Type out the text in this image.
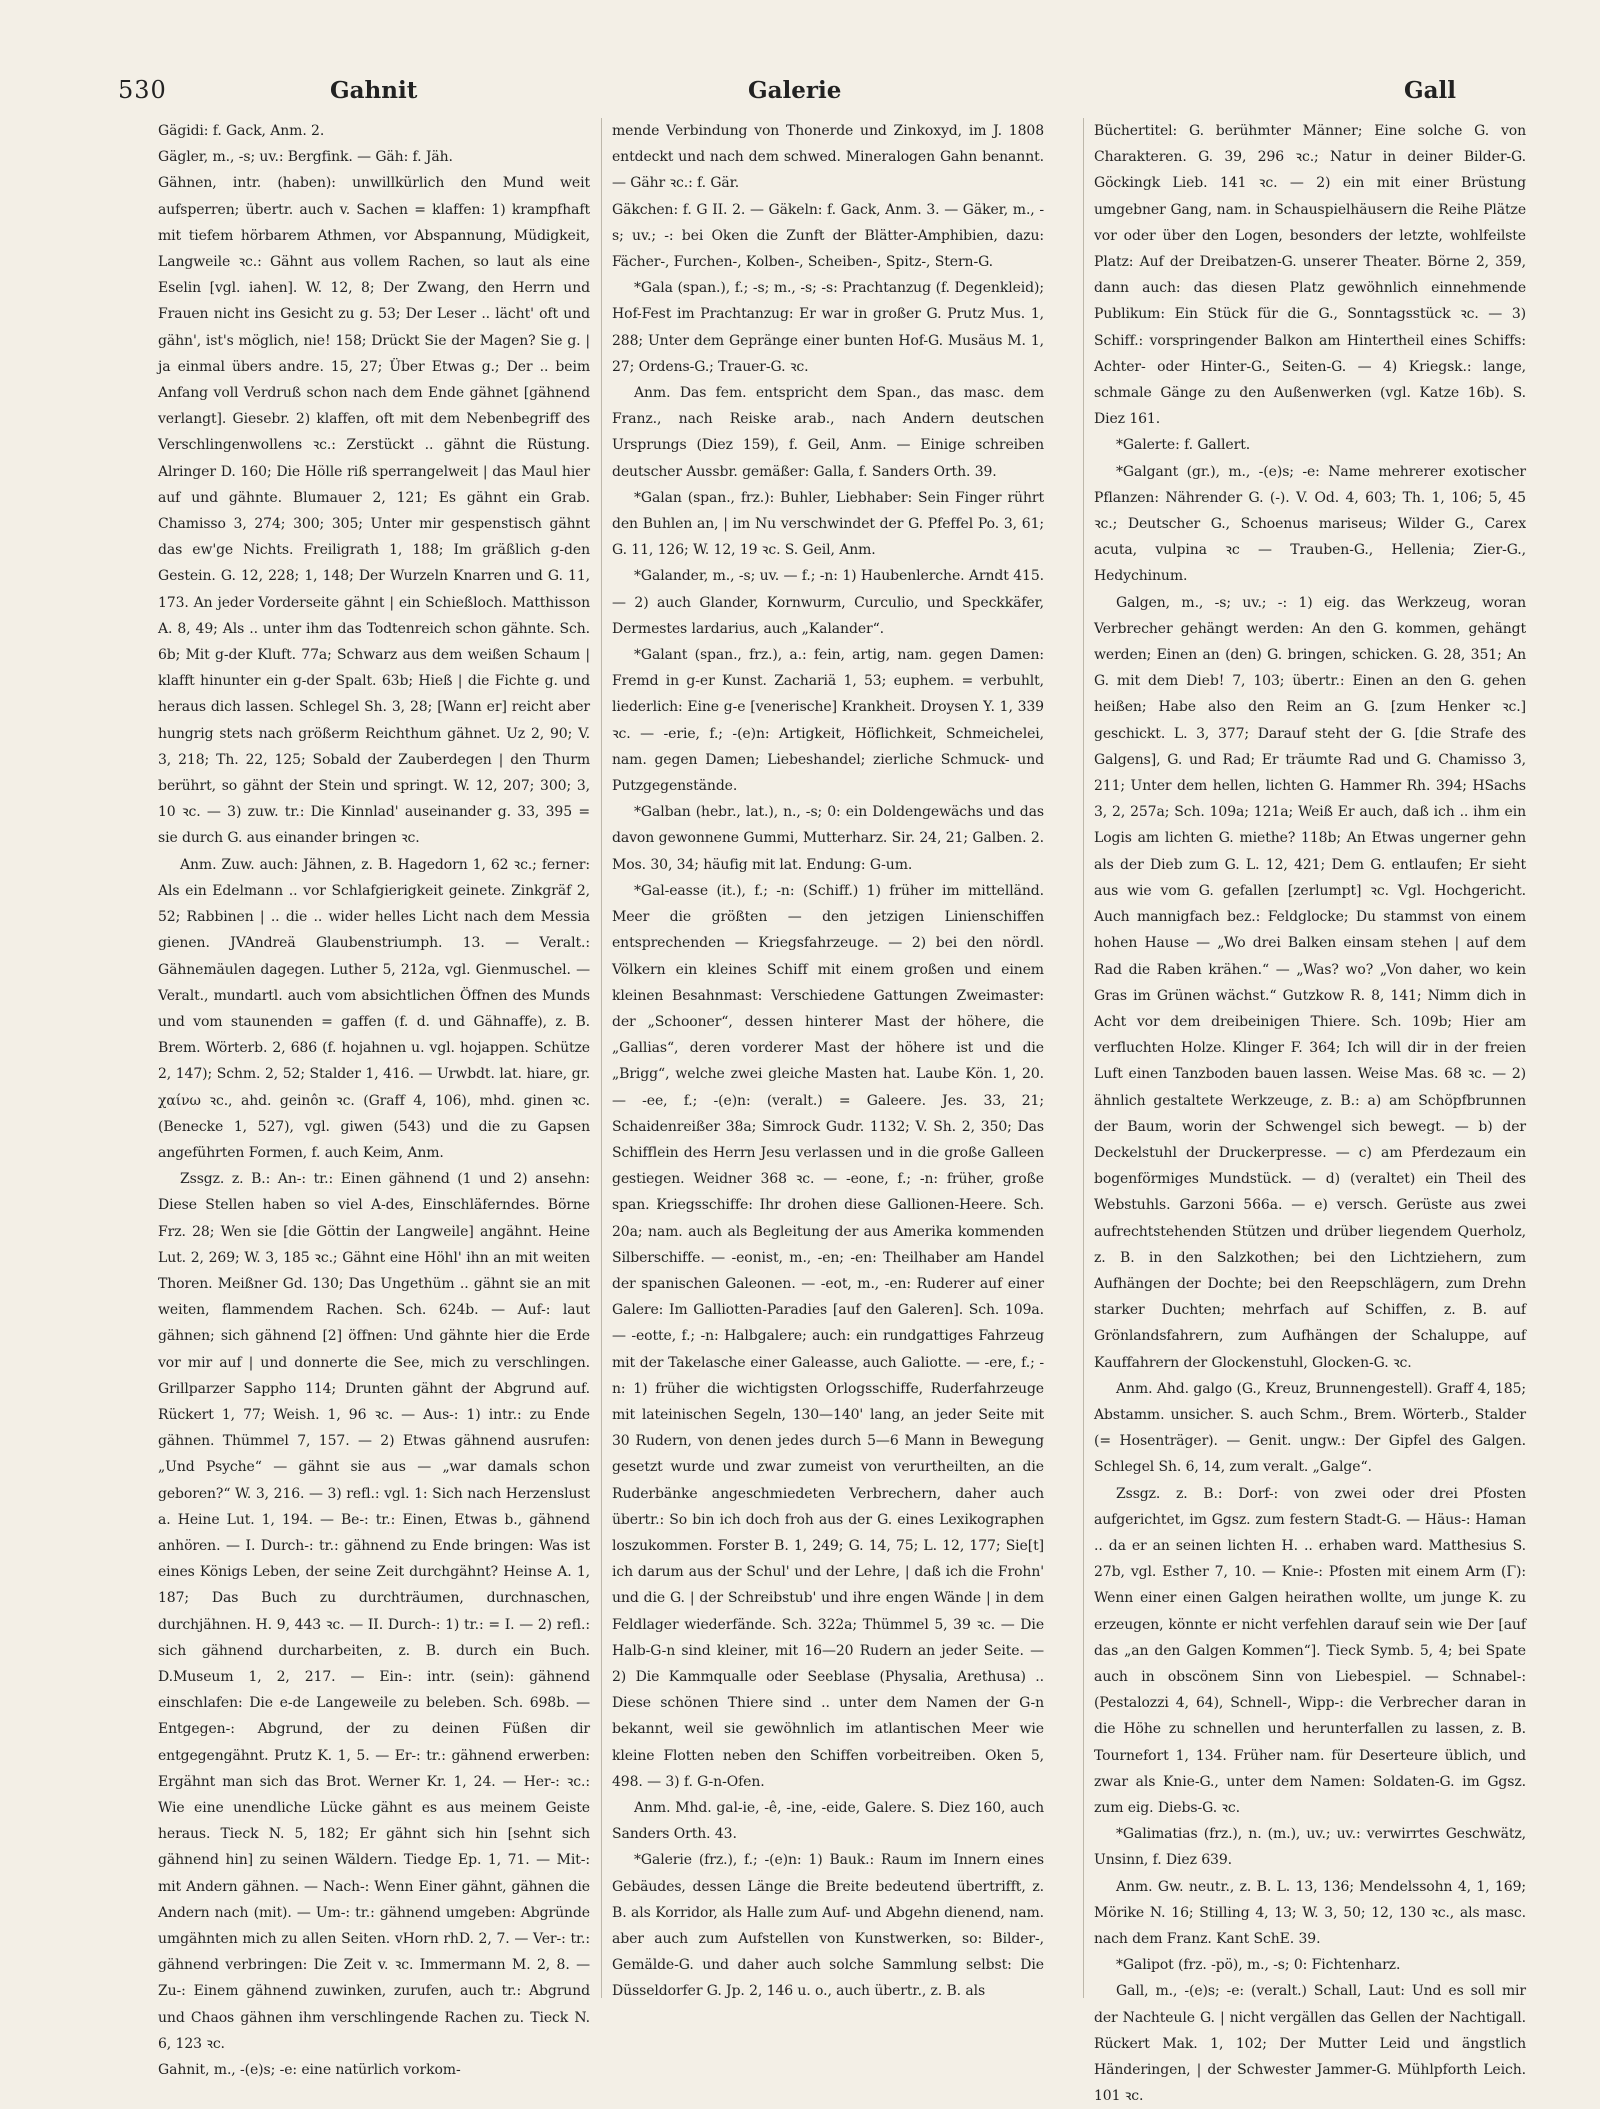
530	Gahnit	Galerie	Gall

Gägidi: f. Gack, Anm. 2.

Gägler, m., -s; uv.: Bergfink. — Gäh: f. Jäh.

Gähnen, intr. (haben): unwillkürlich den Mund weit aufsperren; übertr. auch v. Sachen = klaffen: 1) krampfhaft mit tiefem hörbarem Athmen, vor Abspannung, Müdigkeit, Langweile ꝛc.: Gähnt aus vollem Rachen, so laut als eine Eselin [vgl. iahen]. W. 12, 8; Der Zwang, den Herrn und Frauen nicht ins Gesicht zu g. 53; Der Leser .. lächt' oft und gähn', ist's möglich, nie! 158; Drückt Sie der Magen? Sie g. | ja einmal übers andre. 15, 27; Über Etwas g.; Der .. beim Anfang voll Verdruß schon nach dem Ende gähnet [gähnend verlangt]. Giesebr. 2) klaffen, oft mit dem Nebenbegriff des Verschlingenwollens ꝛc.: Zerstückt .. gähnt die Rüstung. Alringer D. 160; Die Hölle riß sperrangelweit | das Maul hier auf und gähnte. Blumauer 2, 121; Es gähnt ein Grab. Chamisso 3, 274; 300; 305; Unter mir gespenstisch gähnt das ew'ge Nichts. Freiligrath 1, 188; Im gräßlich g-den Gestein. G. 12, 228; 1, 148; Der Wurzeln Knarren und G. 11, 173. An jeder Vorderseite gähnt | ein Schießloch. Matthisson A. 8, 49; Als .. unter ihm das Todtenreich schon gähnte. Sch. 6b; Mit g-der Kluft. 77a; Schwarz aus dem weißen Schaum | klafft hinunter ein g-der Spalt. 63b; Hieß | die Fichte g. und heraus dich lassen. Schlegel Sh. 3, 28; [Wann er] reicht aber hungrig stets nach größerm Reichthum gähnet. Uz 2, 90; V. 3, 218; Th. 22, 125; Sobald der Zauberdegen | den Thurm berührt, so gähnt der Stein und springt. W. 12, 207; 300; 3, 10 ꝛc. — 3) zuw. tr.: Die Kinnlad' auseinander g. 33, 395 = sie durch G. aus einander bringen ꝛc.

Anm. Zuw. auch: Jähnen, z. B. Hagedorn 1, 62 ꝛc.; ferner: Als ein Edelmann .. vor Schlafgierigkeit geinete. Zinkgräf 2, 52; Rabbinen | .. die .. wider helles Licht nach dem Messia gienen. JVAndreä Glaubenstriumph. 13. — Veralt.: Gähnemäulen dagegen. Luther 5, 212a, vgl. Gienmuschel. — Veralt., mundartl. auch vom absichtlichen Öffnen des Munds und vom staunenden = gaffen (f. d. und Gähnaffe), z. B. Brem. Wörterb. 2, 686 (f. hojahnen u. vgl. hojappen. Schütze 2, 147); Schm. 2, 52; Stalder 1, 416. — Urwbdt. lat. hiare, gr. χαίνω ꝛc., ahd. geinôn ꝛc. (Graff 4, 106), mhd. ginen ꝛc. (Benecke 1, 527), vgl. giwen (543) und die zu Gapsen angeführten Formen, f. auch Keim, Anm.

Zssgz. z. B.: An-: tr.: Einen gähnend (1 und 2) ansehn: Diese Stellen haben so viel A-des, Einschläferndes. Börne Frz. 28; Wen sie [die Göttin der Langweile] angähnt. Heine Lut. 2, 269; W. 3, 185 ꝛc.; Gähnt eine Höhl' ihn an mit weiten Thoren. Meißner Gd. 130; Das Ungethüm .. gähnt sie an mit weiten, flammendem Rachen. Sch. 624b. — Auf-: laut gähnen; sich gähnend [2] öffnen: Und gähnte hier die Erde vor mir auf | und donnerte die See, mich zu verschlingen. Grillparzer Sappho 114; Drunten gähnt der Abgrund auf. Rückert 1, 77; Weish. 1, 96 ꝛc. — Aus-: 1) intr.: zu Ende gähnen. Thümmel 7, 157. — 2) Etwas gähnend ausrufen: „Und Psyche“ — gähnt sie aus — „war damals schon geboren?“ W. 3, 216. — 3) refl.: vgl. 1: Sich nach Herzenslust a. Heine Lut. 1, 194. — Be-: tr.: Einen, Etwas b., gähnend anhören. — I. Durch-: tr.: gähnend zu Ende bringen: Was ist eines Königs Leben, der seine Zeit durchgähnt? Heinse A. 1, 187; Das Buch zu durchträumen, durchnaschen, durchjähnen. H. 9, 443 ꝛc. — II. Durch-: 1) tr.: = I. — 2) refl.: sich gähnend durcharbeiten, z. B. durch ein Buch. D.Museum 1, 2, 217. — Ein-: intr. (sein): gähnend einschlafen: Die e-de Langeweile zu beleben. Sch. 698b. — Entgegen-: Abgrund, der zu deinen Füßen dir entgegengähnt. Prutz K. 1, 5. — Er-: tr.: gähnend erwerben: Ergähnt man sich das Brot. Werner Kr. 1, 24. — Her-: ꝛc.: Wie eine unendliche Lücke gähnt es aus meinem Geiste heraus. Tieck N. 5, 182; Er gähnt sich hin [sehnt sich gähnend hin] zu seinen Wäldern. Tiedge Ep. 1, 71. — Mit-: mit Andern gähnen. — Nach-: Wenn Einer gähnt, gähnen die Andern nach (mit). — Um-: tr.: gähnend umgeben: Abgründe umgähnten mich zu allen Seiten. vHorn rhD. 2, 7. — Ver-: tr.: gähnend verbringen: Die Zeit v. ꝛc. Immermann M. 2, 8. — Zu-: Einem gähnend zuwinken, zurufen, auch tr.: Abgrund und Chaos gähnen ihm verschlingende Rachen zu. Tieck N. 6, 123 ꝛc.

Gahnit, m., -(e)s; -e: eine natürlich vorkom-

mende Verbindung von Thonerde und Zinkoxyd, im J. 1808 entdeckt und nach dem schwed. Mineralogen Gahn benannt. — Gähr ꝛc.: f. Gär.

Gäkchen: f. G II. 2. — Gäkeln: f. Gack, Anm. 3. — Gäker, m., -s; uv.; -: bei Oken die Zunft der Blätter-Amphibien, dazu: Fächer-, Furchen-, Kolben-, Scheiben-, Spitz-, Stern-G.

*Gala (span.), f.; -s; m., -s; -s: Prachtanzug (f. Degenkleid); Hof-Fest im Prachtanzug: Er war in großer G. Prutz Mus. 1, 288; Unter dem Gepränge einer bunten Hof-G. Musäus M. 1, 27; Ordens-G.; Trauer-G. ꝛc.

Anm. Das fem. entspricht dem Span., das masc. dem Franz., nach Reiske arab., nach Andern deutschen Ursprungs (Diez 159), f. Geil, Anm. — Einige schreiben deutscher Aussbr. gemäßer: Galla, f. Sanders Orth. 39.

*Galan (span., frz.): Buhler, Liebhaber: Sein Finger rührt den Buhlen an, | im Nu verschwindet der G. Pfeffel Po. 3, 61; G. 11, 126; W. 12, 19 ꝛc. S. Geil, Anm.

*Galander, m., -s; uv. — f.; -n: 1) Haubenlerche. Arndt 415. — 2) auch Glander, Kornwurm, Curculio, und Speckkäfer, Dermestes lardarius, auch „Kalander“.

*Galant (span., frz.), a.: fein, artig, nam. gegen Damen: Fremd in g-er Kunst. Zachariä 1, 53; euphem. = verbuhlt, liederlich: Eine g-e [venerische] Krankheit. Droysen Y. 1, 339 ꝛc. — -erie, f.; -(e)n: Artigkeit, Höflichkeit, Schmeichelei, nam. gegen Damen; Liebeshandel; zierliche Schmuck- und Putzgegenstände.

*Galban (hebr., lat.), n., -s; 0: ein Doldengewächs und das davon gewonnene Gummi, Mutterharz. Sir. 24, 21; Galben. 2. Mos. 30, 34; häufig mit lat. Endung: G-um.

*Gal-easse (it.), f.; -n: (Schiff.) 1) früher im mittelländ. Meer die größten — den jetzigen Linienschiffen entsprechenden — Kriegsfahrzeuge. — 2) bei den nördl. Völkern ein kleines Schiff mit einem großen und einem kleinen Besahnmast: Verschiedene Gattungen Zweimaster: der „Schooner“, dessen hinterer Mast der höhere, die „Gallias“, deren vorderer Mast der höhere ist und die „Brigg“, welche zwei gleiche Masten hat. Laube Kön. 1, 20. — -ee, f.; -(e)n: (veralt.) = Galeere. Jes. 33, 21; Schaidenreißer 38a; Simrock Gudr. 1132; V. Sh. 2, 350; Das Schifflein des Herrn Jesu verlassen und in die große Galleen gestiegen. Weidner 368 ꝛc. — -eone, f.; -n: früher, große span. Kriegsschiffe: Ihr drohen diese Gallionen-Heere. Sch. 20a; nam. auch als Begleitung der aus Amerika kommenden Silberschiffe. — -eonist, m., -en; -en: Theilhaber am Handel der spanischen Galeonen. — -eot, m., -en: Ruderer auf einer Galere: Im Galliotten-Paradies [auf den Galeren]. Sch. 109a. — -eotte, f.; -n: Halbgalere; auch: ein rundgattiges Fahrzeug mit der Takelasche einer Galeasse, auch Galiotte. — -ere, f.; -n: 1) früher die wichtigsten Orlogsschiffe, Ruderfahrzeuge mit lateinischen Segeln, 130—140' lang, an jeder Seite mit 30 Rudern, von denen jedes durch 5—6 Mann in Bewegung gesetzt wurde und zwar zumeist von verurtheilten, an die Ruderbänke angeschmiedeten Verbrechern, daher auch übertr.: So bin ich doch froh aus der G. eines Lexikographen loszukommen. Forster B. 1, 249; G. 14, 75; L. 12, 177; Sie[t] ich darum aus der Schul' und der Lehre, | daß ich die Frohn' und die G. | der Schreibstub' und ihre engen Wände | in dem Feldlager wiederfände. Sch. 322a; Thümmel 5, 39 ꝛc. — Die Halb-G-n sind kleiner, mit 16—20 Rudern an jeder Seite. — 2) Die Kammqualle oder Seeblase (Physalia, Arethusa) .. Diese schönen Thiere sind .. unter dem Namen der G-n bekannt, weil sie gewöhnlich im atlantischen Meer wie kleine Flotten neben den Schiffen vorbeitreiben. Oken 5, 498. — 3) f. G-n-Ofen.

Anm. Mhd. gal-ie, -ê, -ine, -eide, Galere. S. Diez 160, auch Sanders Orth. 43.

*Galerie (frz.), f.; -(e)n: 1) Bauk.: Raum im Innern eines Gebäudes, dessen Länge die Breite bedeutend übertrifft, z. B. als Korridor, als Halle zum Auf- und Abgehn dienend, nam. aber auch zum Aufstellen von Kunstwerken, so: Bilder-, Gemälde-G. und daher auch solche Sammlung selbst: Die Düsseldorfer G. Jp. 2, 146 u. o., auch übertr., z. B. als

Büchertitel: G. berühmter Männer; Eine solche G. von Charakteren. G. 39, 296 ꝛc.; Natur in deiner Bilder-G. Göckingk Lieb. 141 ꝛc. — 2) ein mit einer Brüstung umgebner Gang, nam. in Schauspielhäusern die Reihe Plätze vor oder über den Logen, besonders der letzte, wohlfeilste Platz: Auf der Dreibatzen-G. unserer Theater. Börne 2, 359, dann auch: das diesen Platz gewöhnlich einnehmende Publikum: Ein Stück für die G., Sonntagsstück ꝛc. — 3) Schiff.: vorspringender Balkon am Hintertheil eines Schiffs: Achter- oder Hinter-G., Seiten-G. — 4) Kriegsk.: lange, schmale Gänge zu den Außenwerken (vgl. Katze 16b). S. Diez 161.

*Galerte: f. Gallert.

*Galgant (gr.), m., -(e)s; -e: Name mehrerer exotischer Pflanzen: Nährender G. (-). V. Od. 4, 603; Th. 1, 106; 5, 45 ꝛc.; Deutscher G., Schoenus mariseus; Wilder G., Carex acuta, vulpina ꝛc — Trauben-G., Hellenia; Zier-G., Hedychinum.

Galgen, m., -s; uv.; -: 1) eig. das Werkzeug, woran Verbrecher gehängt werden: An den G. kommen, gehängt werden; Einen an (den) G. bringen, schicken. G. 28, 351; An G. mit dem Dieb! 7, 103; übertr.: Einen an den G. gehen heißen; Habe also den Reim an G. [zum Henker ꝛc.] geschickt. L. 3, 377; Darauf steht der G. [die Strafe des Galgens], G. und Rad; Er träumte Rad und G. Chamisso 3, 211; Unter dem hellen, lichten G. Hammer Rh. 394; HSachs 3, 2, 257a; Sch. 109a; 121a; Weiß Er auch, daß ich .. ihm ein Logis am lichten G. miethe? 118b; An Etwas ungerner gehn als der Dieb zum G. L. 12, 421; Dem G. entlaufen; Er sieht aus wie vom G. gefallen [zerlumpt] ꝛc. Vgl. Hochgericht. Auch mannigfach bez.: Feldglocke; Du stammst von einem hohen Hause — „Wo drei Balken einsam stehen | auf dem Rad die Raben krähen.“ — „Was? wo? „Von daher, wo kein Gras im Grünen wächst.“ Gutzkow R. 8, 141; Nimm dich in Acht vor dem dreibeinigen Thiere. Sch. 109b; Hier am verfluchten Holze. Klinger F. 364; Ich will dir in der freien Luft einen Tanzboden bauen lassen. Weise Mas. 68 ꝛc. — 2) ähnlich gestaltete Werkzeuge, z. B.: a) am Schöpfbrunnen der Baum, worin der Schwengel sich bewegt. — b) der Deckelstuhl der Druckerpresse. — c) am Pferdezaum ein bogenförmiges Mundstück. — d) (veraltet) ein Theil des Webstuhls. Garzoni 566a. — e) versch. Gerüste aus zwei aufrechtstehenden Stützen und drüber liegendem Querholz, z. B. in den Salzkothen; bei den Lichtziehern, zum Aufhängen der Dochte; bei den Reepschlägern, zum Drehn starker Duchten; mehrfach auf Schiffen, z. B. auf Grönlandsfahrern, zum Aufhängen der Schaluppe, auf Kauffahrern der Glockenstuhl, Glocken-G. ꝛc.

Anm. Ahd. galgo (G., Kreuz, Brunnengestell). Graff 4, 185; Abstamm. unsicher. S. auch Schm., Brem. Wörterb., Stalder (= Hosenträger). — Genit. ungw.: Der Gipfel des Galgen. Schlegel Sh. 6, 14, zum veralt. „Galge“.

Zssgz. z. B.: Dorf-: von zwei oder drei Pfosten aufgerichtet, im Ggsz. zum festern Stadt-G. — Häus-: Haman .. da er an seinen lichten H. .. erhaben ward. Matthesius S. 27b, vgl. Esther 7, 10. — Knie-: Pfosten mit einem Arm (Γ): Wenn einer einen Galgen heirathen wollte, um junge K. zu erzeugen, könnte er nicht verfehlen darauf sein wie Der [auf das „an den Galgen Kommen“]. Tieck Symb. 5, 4; bei Spate auch in obscönem Sinn von Liebespiel. — Schnabel-: (Pestalozzi 4, 64), Schnell-, Wipp-: die Verbrecher daran in die Höhe zu schnellen und herunterfallen zu lassen, z. B. Tournefort 1, 134. Früher nam. für Deserteure üblich, und zwar als Knie-G., unter dem Namen: Soldaten-G. im Ggsz. zum eig. Diebs-G. ꝛc.

*Galimatias (frz.), n. (m.), uv.; uv.: verwirrtes Geschwätz, Unsinn, f. Diez 639.

Anm. Gw. neutr., z. B. L. 13, 136; Mendelssohn 4, 1, 169; Mörike N. 16; Stilling 4, 13; W. 3, 50; 12, 130 ꝛc., als masc. nach dem Franz. Kant SchE. 39.

*Galipot (frz. -pö), m., -s; 0: Fichtenharz.

Gall, m., -(e)s; -e: (veralt.) Schall, Laut: Und es soll mir der Nachteule G. | nicht vergällen das Gellen der Nachtigall. Rückert Mak. 1, 102; Der Mutter Leid und ängstlich Händeringen, | der Schwester Jammer-G. Mühlpforth Leich. 101 ꝛc.
